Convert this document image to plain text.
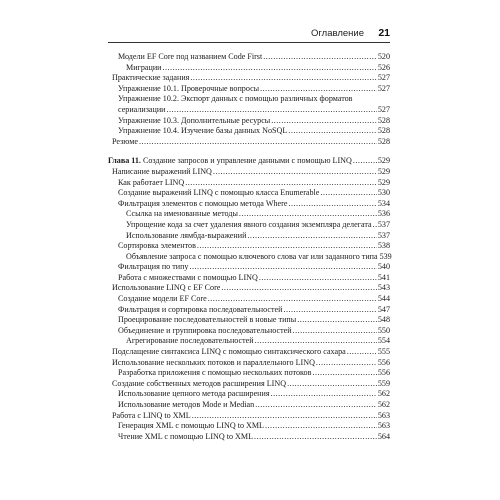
Оглавление 21
Модели EF Core под названием Code First .....	520
Миграции .....	526
Практические задания .....	527
Упражнение 10.1. Проверочные вопросы .....	527
Упражнение 10.2. Экспорт данных с помощью различных форматов
сериализации .....	527
Упражнение 10.3. Дополнительные ресурсы .....	528
Упражнение 10.4. Изучение базы данных NoSQL .....	528
Резюме .....	528
Глава 11. Создание запросов и управление данными с помощью LINQ .....	529
Написание выражений LINQ .....	529
Как работает LINQ .....	529
Создание выражений LINQ с помощью класса Enumerable .....	530
Фильтрация элементов с помощью метода Where .....	534
Ссылка на именованные методы .....	536
Упрощение кода за счет удаления явного создания экземпляра делегата ..... 537
Использование лямбда-выражений .....	537
Сортировка элементов .....	538
Объявление запроса с помощью ключевого слова var или заданного типа 539
Фильтрация по типу .....	540
Работа с множествами с помощью LINQ .....	541
Использование LINQ с EF Core .....	543
Создание модели EF Core .....	544
Фильтрация и сортировка последовательностей .....	547
Проецирование последовательностей в новые типы .....	548
Объединение и группировка последовательностей .....	550
Агрегирование последовательностей .....	554
Подслащение синтаксиса LINQ с помощью синтаксического сахара .....	555
Использование нескольких потоков и параллельного LINQ .....	556
Разработка приложения с помощью нескольких потоков .....	556
Создание собственных методов расширения LINQ .....	559
Использование цепного метода расширения .....	562
Использование методов Mode и Median .....	562
Работа с LINQ to XML .....	563
Генерация XML с помощью LINQ to XML .....	563
Чтение XML с помощью LINQ to XML .....	564
